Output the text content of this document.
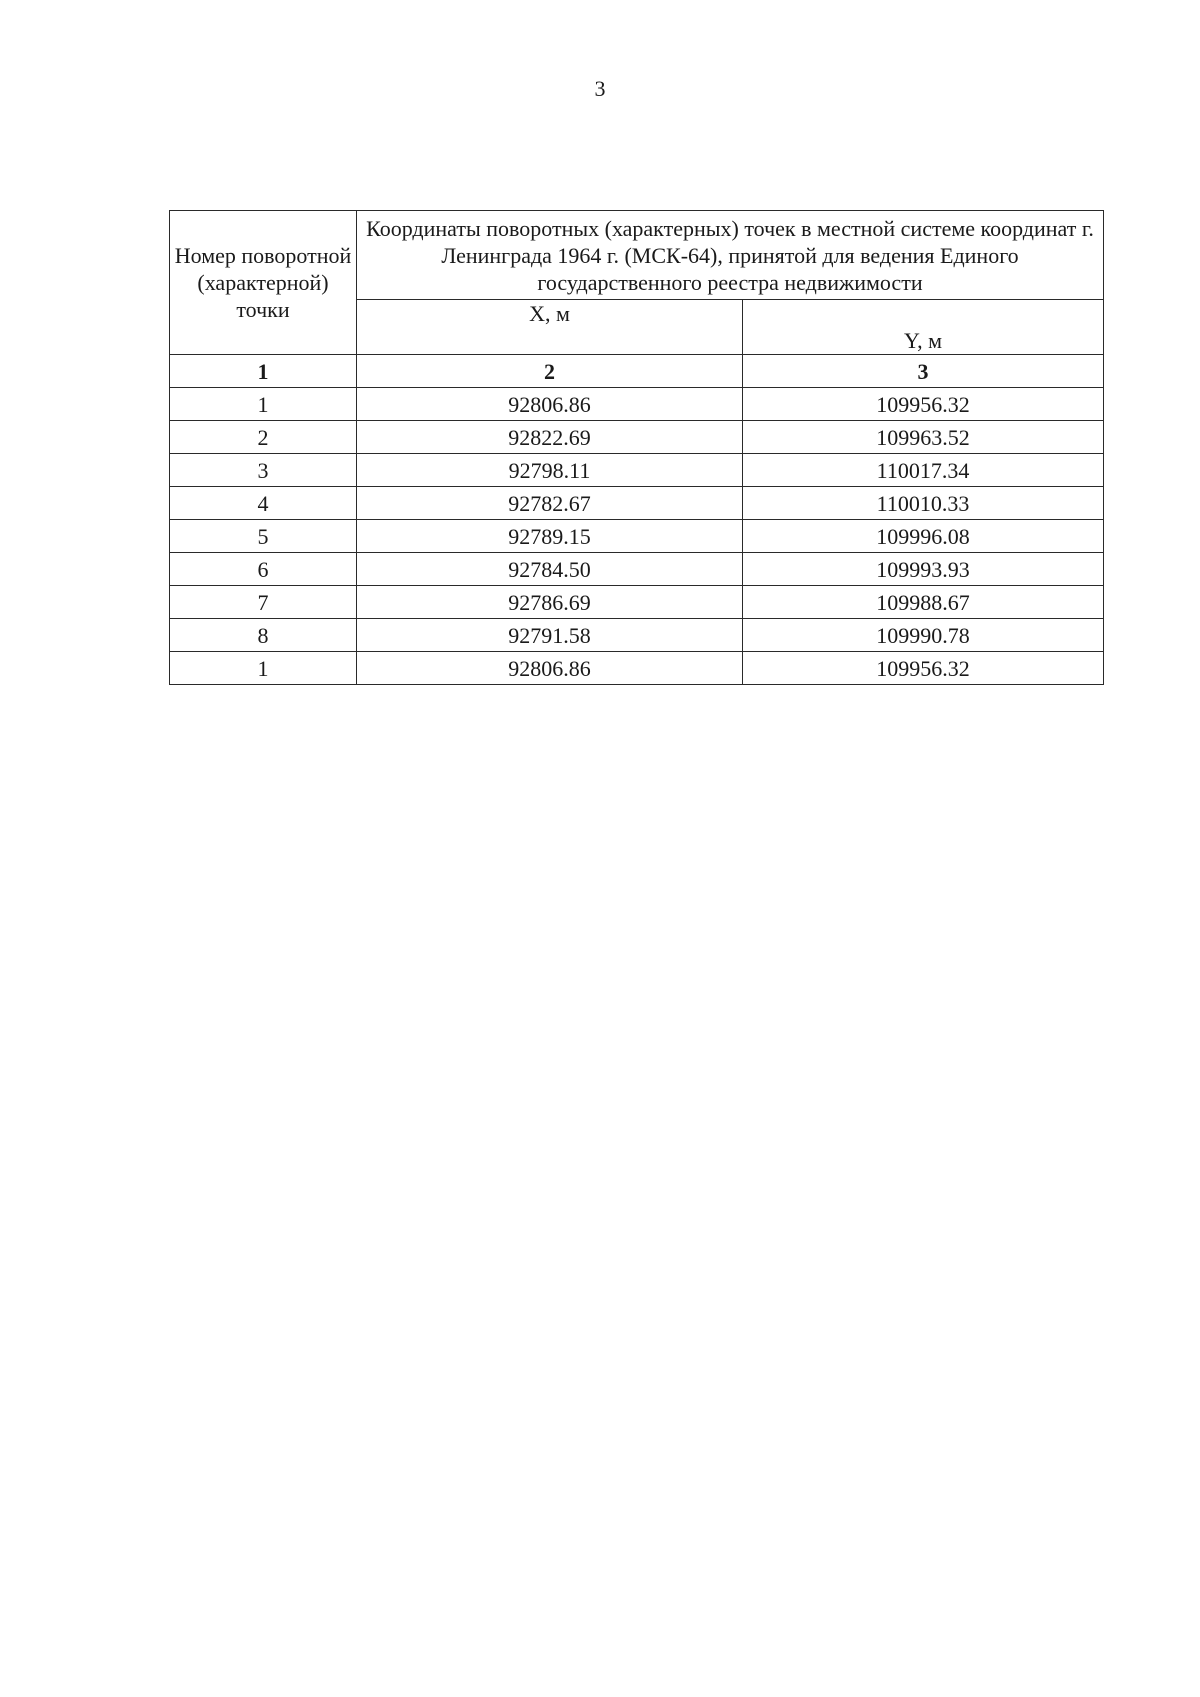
3
Номер поворотной (характерной) точки	Координаты поворотных (характерных) точек в местной системе координат г. Ленинграда 1964 г. (МСК-64), принятой для ведения Единого государственного реестра недвижимости	
	X, м	Y, м
1	2	3
1	92806.86	109956.32
2	92822.69	109963.52
3	92798.11	110017.34
4	92782.67	110010.33
5	92789.15	109996.08
6	92784.50	109993.93
7	92786.69	109988.67
8	92791.58	109990.78
1	92806.86	109956.32
